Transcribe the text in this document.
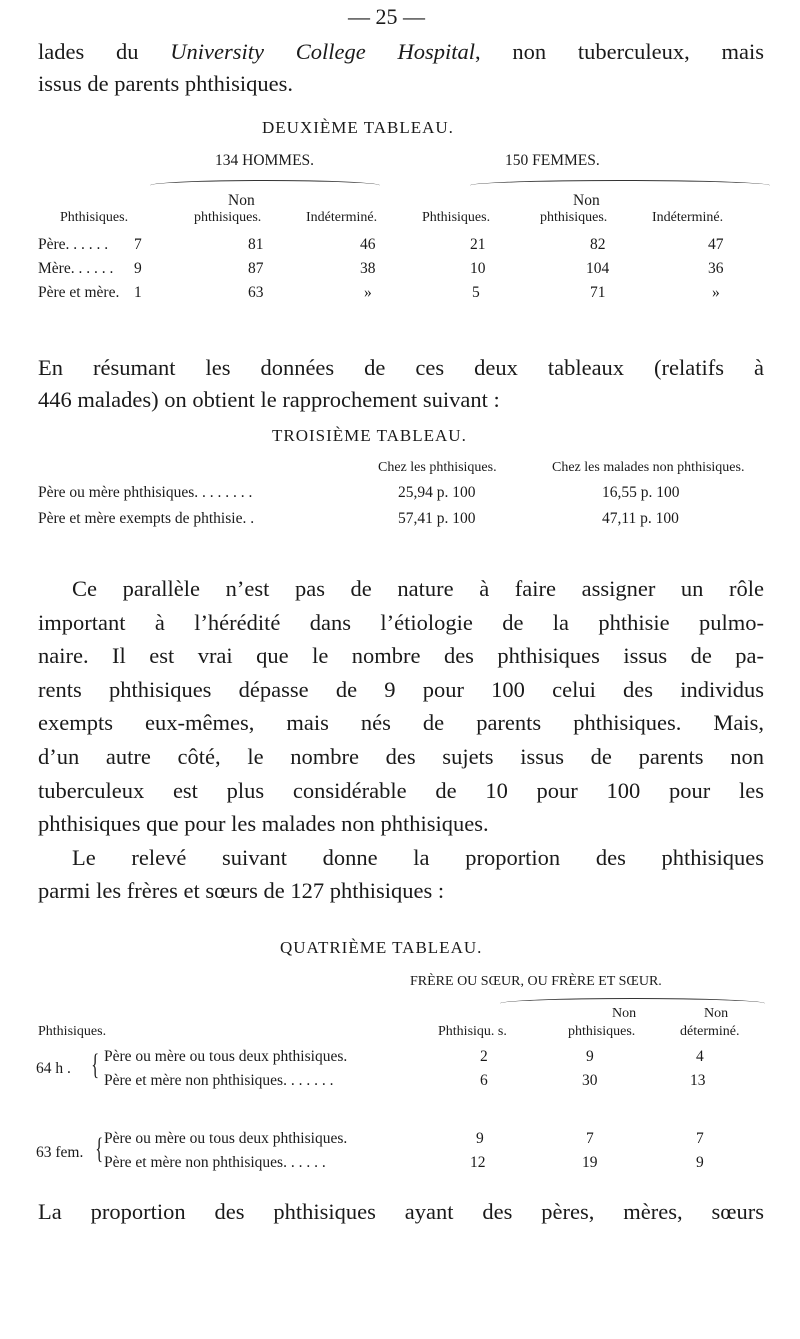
— 25 —

lades du University College Hospital, non tuberculeux, mais

issus de parents phthisiques.

DEUXIÈME TABLEAU.
134 HOMMES.	150 FEMMES.
Non	Non
Phthisiques.	phthisiques.	Indéterminé.	Phthisiques.	phthisiques.	Indéterminé.
Père. . . . . . 7	81	46	21	82	47
Mère. . . . . . 9	87	38	10	104	36
Père et mère. 1	63	»	5	71	»

En résumant les données de ces deux tableaux (relatifs à

446 malades) on obtient le rapprochement suivant :

TROISIÈME TABLEAU.
Chez les phthisiques.	Chez les malades non phthisiques.
Père ou mère phthisiques. . . . . . . .	25,94 p. 100	16,55 p. 100
Père et mère exempts de phthisie. .	57,41 p. 100	47,11 p. 100

Ce parallèle n’est pas de nature à faire assigner un rôle

important à l’hérédité dans l’étiologie de la phthisie pulmo-

naire. Il est vrai que le nombre des phthisiques issus de pa-

rents phthisiques dépasse de 9 pour 100 celui des individus

exempts eux-mêmes, mais nés de parents phthisiques. Mais,

d’un autre côté, le nombre des sujets issus de parents non

tuberculeux est plus considérable de 10 pour 100 pour les

phthisiques que pour les malades non phthisiques.

Le relevé suivant donne la proportion des phthisiques

parmi les frères et sœurs de 127 phthisiques :

QUATRIÈME TABLEAU.
FRÈRE OU SŒUR, OU FRÈRE ET SŒUR.
Non	Non
Phthisiques.	Phthisiqu. s.	phthisiques.	déterminé.
64 h . { Père ou mère ou tous deux phthisiques.	2	9	4
Père et mère non phthisiques. . . . . . .	6	30	13
63 fem. { Père ou mère ou tous deux phthisiques.	9	7	7
Père et mère non phthisiques. . . . . .	12	19	9
La proportion des phthisiques ayant des pères, mères, sœurs
